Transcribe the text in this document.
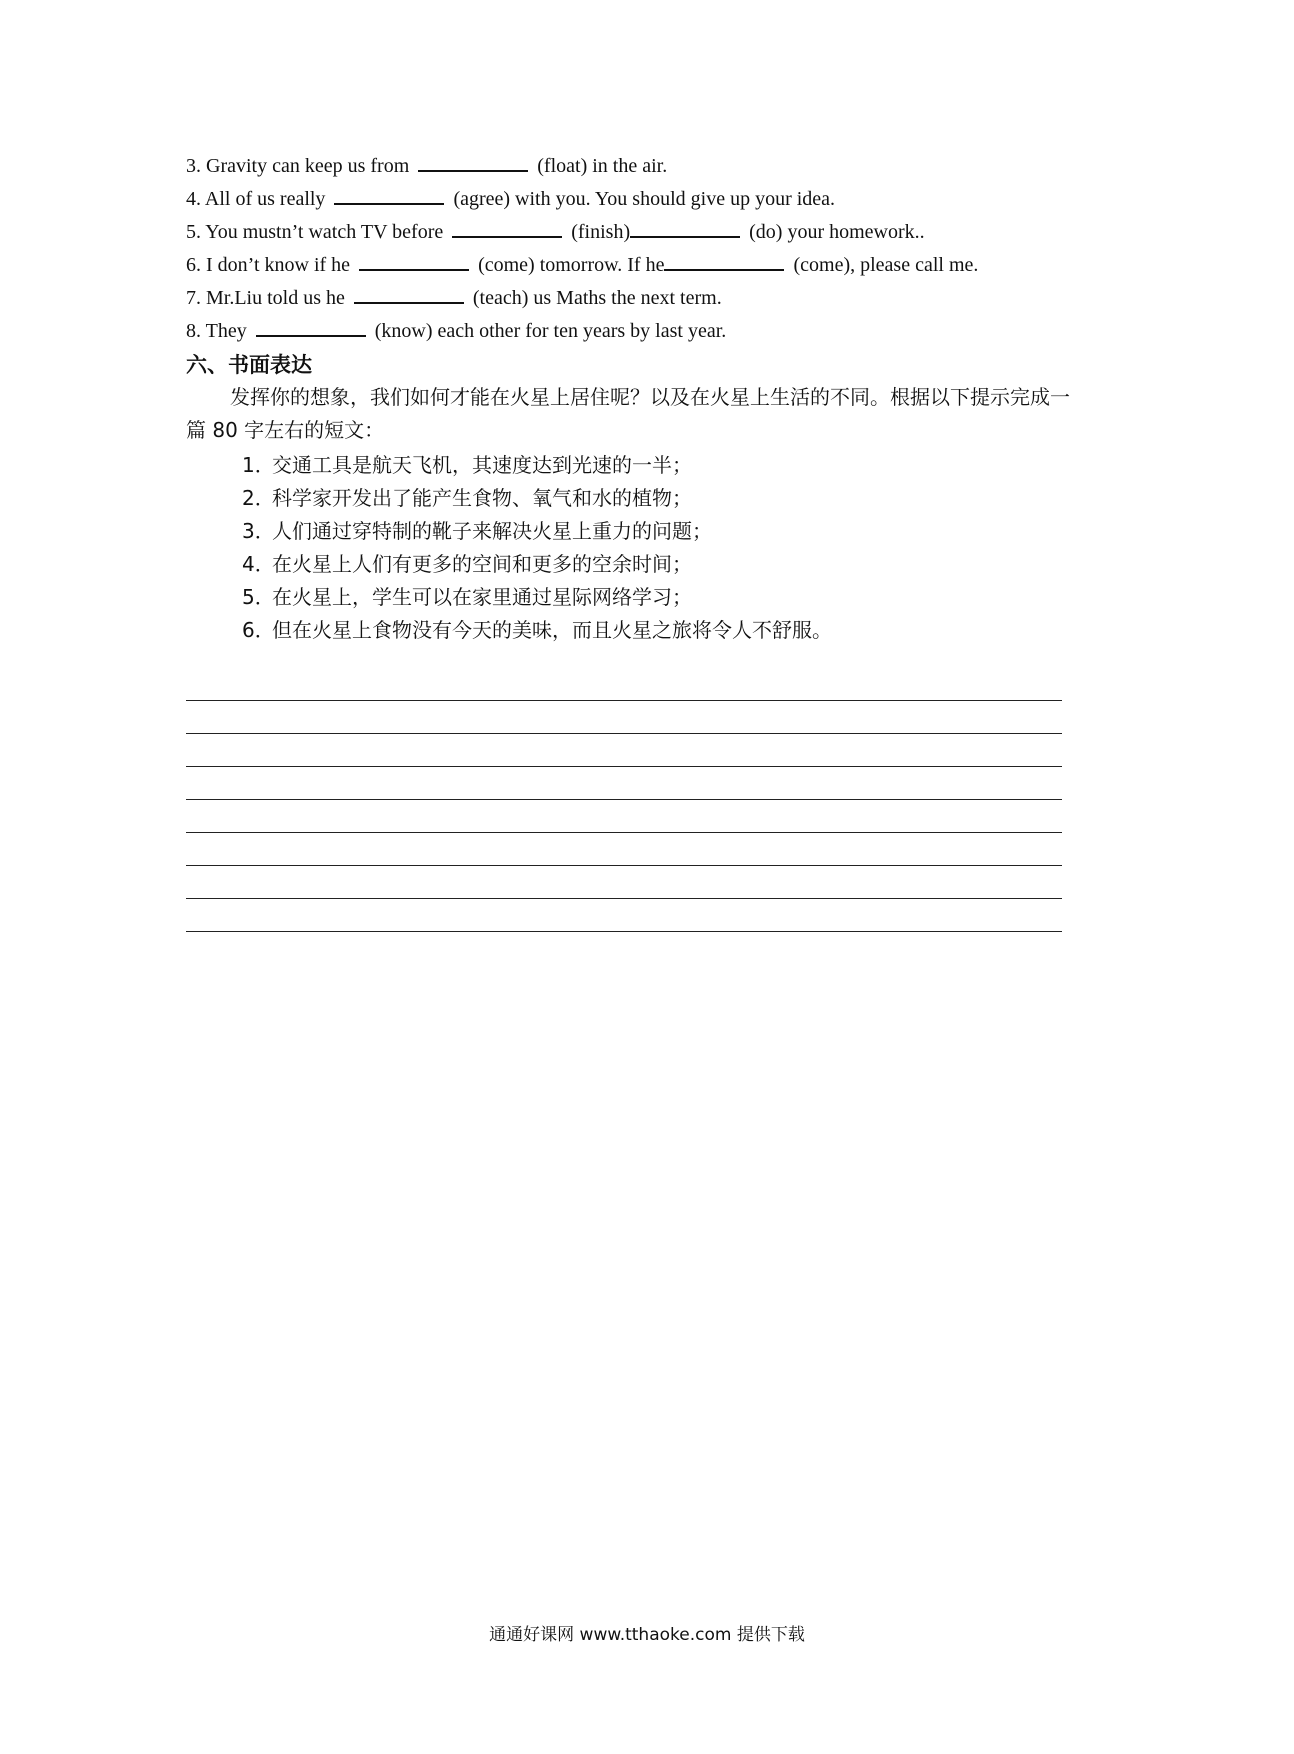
3. Gravity can keep us from	(float) in the air.
4. All of us really	(agree) with you. You should give up your idea.
5. You mustn’t watch TV before	(finish)	(do) your homework..
6. I don’t know if he	(come) tomorrow. If he	(come), please call me.
7. Mr.Liu told us he	(teach) us Maths the next term.
8. They	(know) each other for ten years by last year.
六、书面表达
发挥你的想象，我们如何才能在火星上居住呢？以及在火星上生活的不同。根据以下提示完成一篇 80 字左右的短文：
1．交通工具是航天飞机，其速度达到光速的一半；
2．科学家开发出了能产生食物、氧气和水的植物；
3．人们通过穿特制的靴子来解决火星上重力的问题；
4．在火星上人们有更多的空间和更多的空余时间；
5．在火星上，学生可以在家里通过星际网络学习；
6．但在火星上食物没有今天的美味，而且火星之旅将令人不舒服。
通通好课网 www.tthaoke.com 提供下载
